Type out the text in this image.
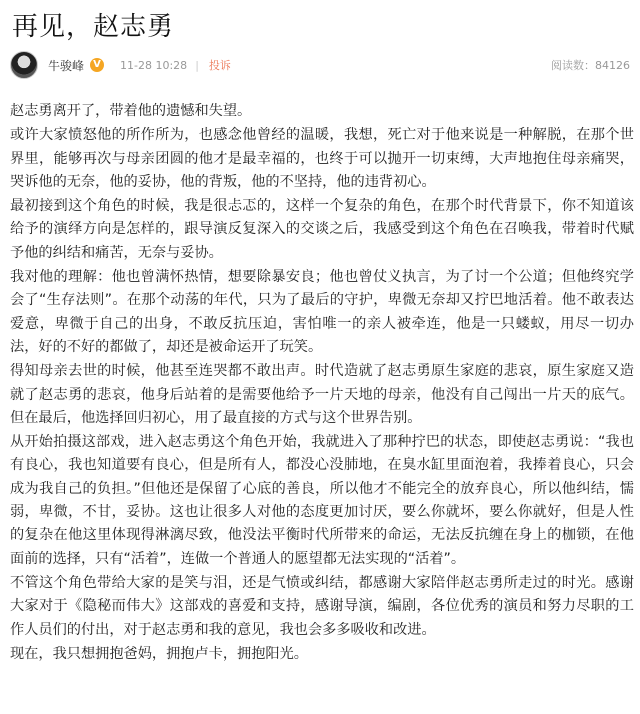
再见，赵志勇
牛骏峰 V 11-28 10:28 | 投诉	阅读数：84126

赵志勇离开了，带着他的遗憾和失望。

或许大家愤怒他的所作所为，也感念他曾经的温暖，我想，死亡对于他来说是一种解脱，在那个世界里，能够再次与母亲团圆的他才是最幸福的，也终于可以抛开一切束缚，大声地抱住母亲痛哭，哭诉他的无奈，他的妥协，他的背叛，他的不坚持，他的违背初心。

最初接到这个角色的时候，我是很忐忑的，这样一个复杂的角色，在那个时代背景下，你不知道该给予的演绎方向是怎样的，跟导演反复深入的交谈之后，我感受到这个角色在召唤我，带着时代赋予他的纠结和痛苦，无奈与妥协。

我对他的理解：他也曾满怀热情，想要除暴安良；他也曾仗义执言，为了讨一个公道；但他终究学会了“生存法则”。在那个动荡的年代，只为了最后的守护，卑微无奈却又拧巴地活着。他不敢表达爱意，卑微于自己的出身，不敢反抗压迫，害怕唯一的亲人被牵连，他是一只蝼蚁，用尽一切办法，好的不好的都做了，却还是被命运开了玩笑。

得知母亲去世的时候，他甚至连哭都不敢出声。时代造就了赵志勇原生家庭的悲哀，原生家庭又造就了赵志勇的悲哀，他身后站着的是需要他给予一片天地的母亲，他没有自己闯出一片天的底气。但在最后，他选择回归初心，用了最直接的方式与这个世界告别。

从开始拍摄这部戏，进入赵志勇这个角色开始，我就进入了那种拧巴的状态，即使赵志勇说：“我也有良心，我也知道要有良心，但是所有人，都没心没肺地，在臭水缸里面泡着，我捧着良心，只会成为我自己的负担。”但他还是保留了心底的善良，所以他才不能完全的放弃良心，所以他纠结，懦弱，卑微，不甘，妥协。这也让很多人对他的态度更加讨厌，要么你就坏，要么你就好，但是人性的复杂在他这里体现得淋漓尽致，他没法平衡时代所带来的命运，无法反抗缠在身上的枷锁，在他面前的选择，只有“活着”，连做一个普通人的愿望都无法实现的“活着”。

不管这个角色带给大家的是笑与泪，还是气愤或纠结，都感谢大家陪伴赵志勇所走过的时光。感谢大家对于《隐秘而伟大》这部戏的喜爱和支持，感谢导演，编剧，各位优秀的演员和努力尽职的工作人员们的付出，对于赵志勇和我的意见，我也会多多吸收和改进。

现在，我只想拥抱爸妈，拥抱卢卡，拥抱阳光。
